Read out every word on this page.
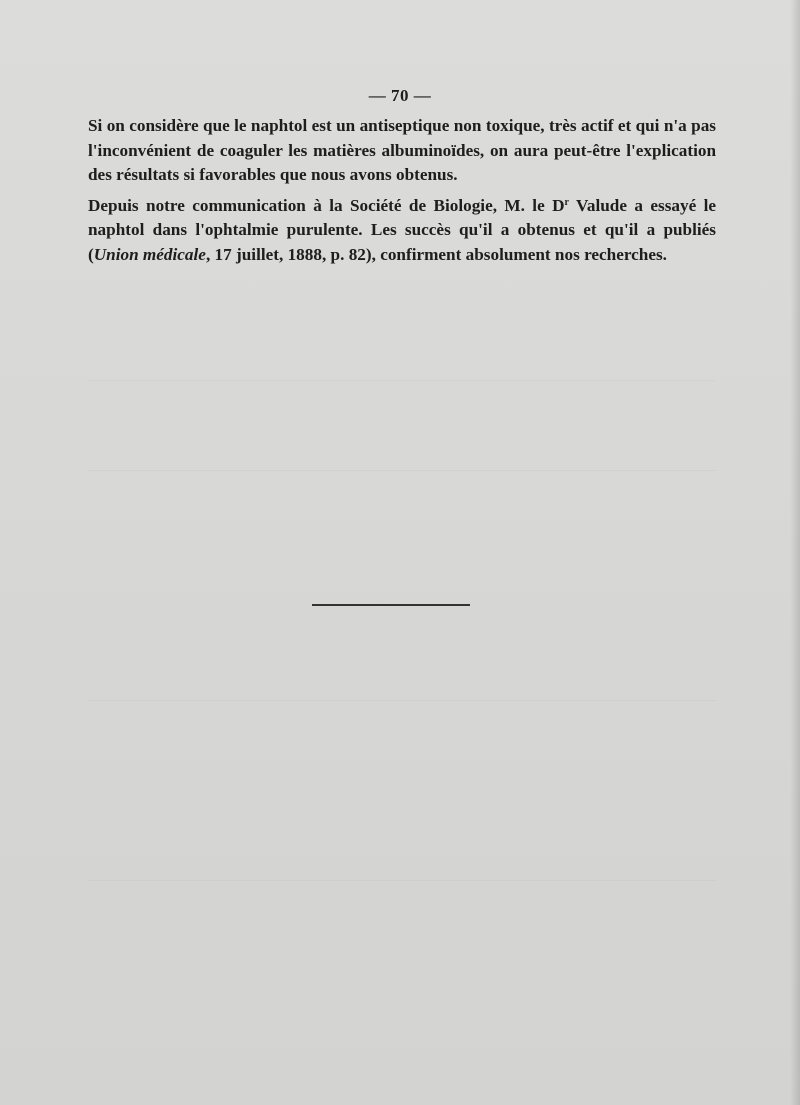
— 70 —

Si on considère que le naphtol est un antiseptique non toxique, très actif et qui n'a pas l'inconvénient de coaguler les matières albuminoïdes, on aura peut-être l'explication des résultats si favorables que nous avons obtenus.

Depuis notre communication à la Société de Biologie, M. le $D^r$ Valude a essayé le naphtol dans l'ophtalmie purulente. Les succès qu'il a obtenus et qu'il a publiés (Union médicale, 17 juillet, 1888, p. 82), confirment absolument nos recherches.
